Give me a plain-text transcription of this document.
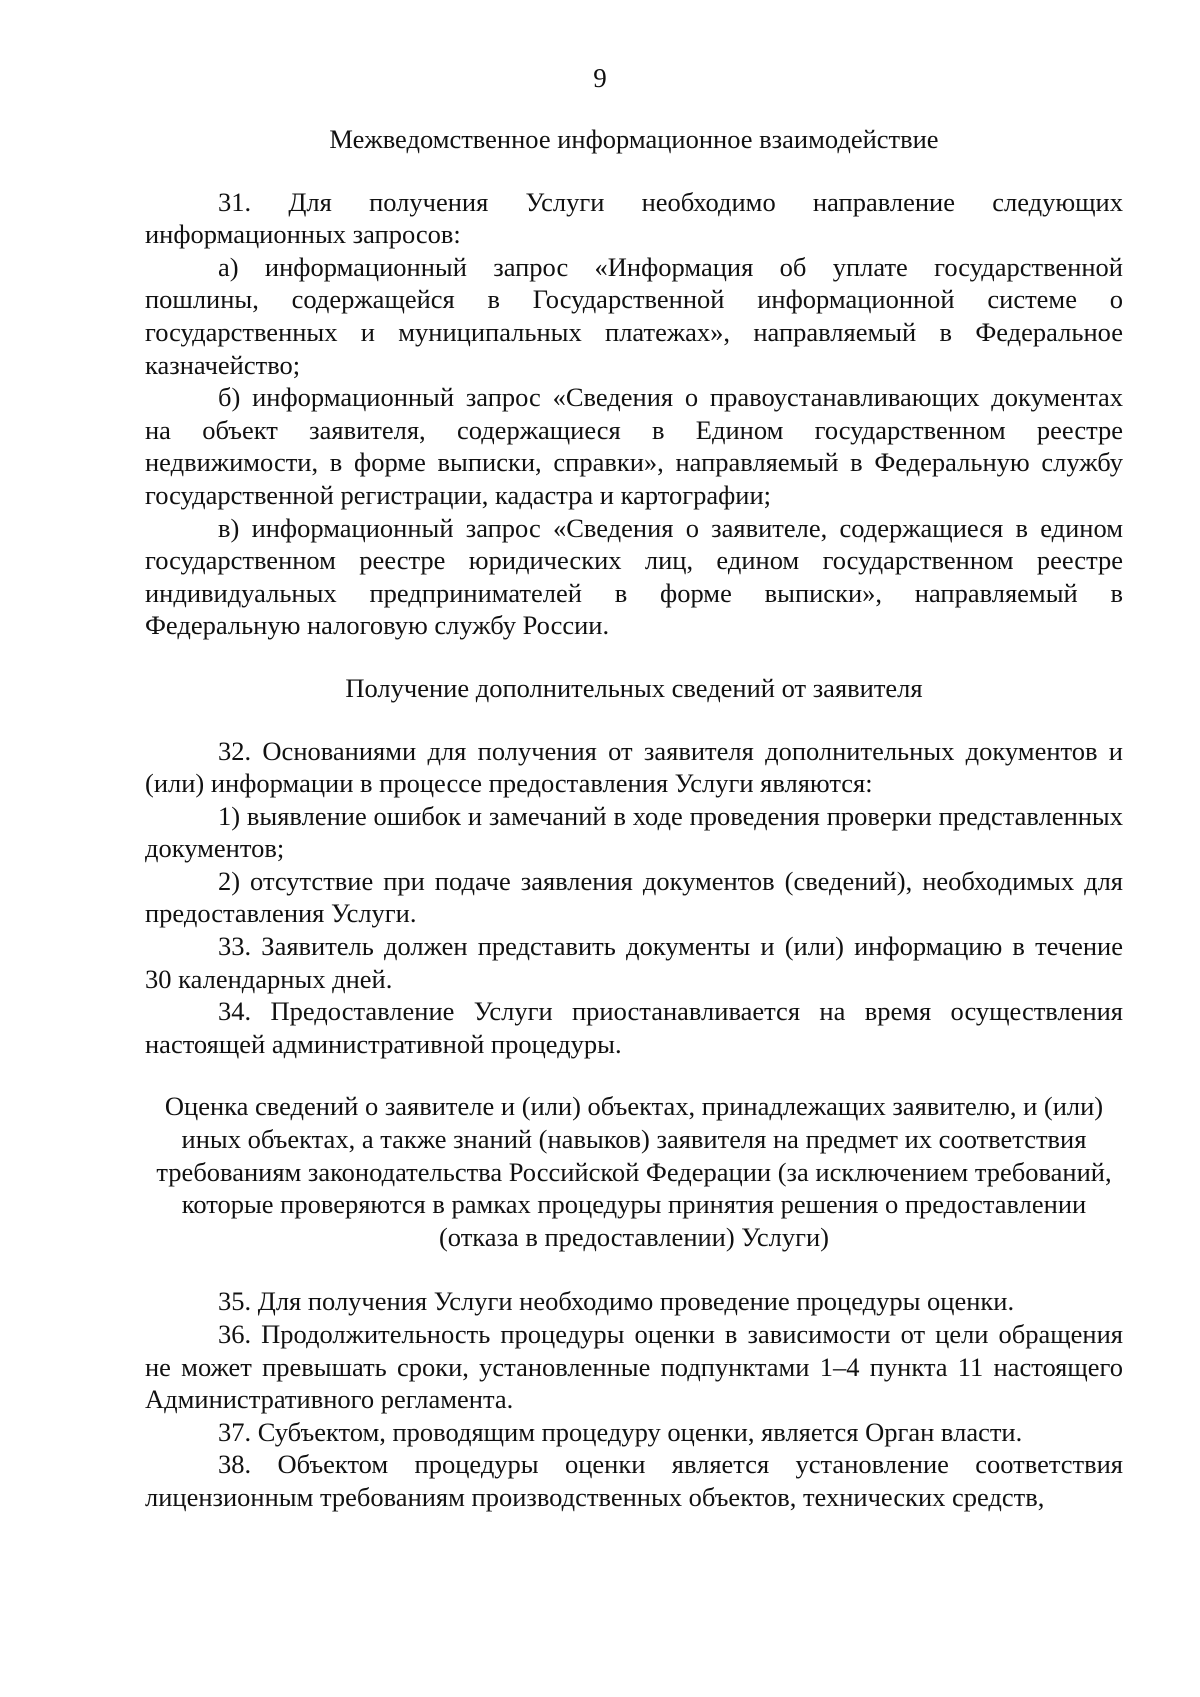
9

Межведомственное информационное взаимодействие

31. Для получения Услуги необходимо направление следующих информационных запросов:

а) информационный запрос «Информация об уплате государственной пошлины, содержащейся в Государственной информационной системе о государственных и муниципальных платежах», направляемый в Федеральное казначейство;

б) информационный запрос «Сведения о правоустанавливающих документах на объект заявителя, содержащиеся в Едином государственном реестре недвижимости, в форме выписки, справки», направляемый в Федеральную службу государственной регистрации, кадастра и картографии;

в) информационный запрос «Сведения о заявителе, содержащиеся в едином государственном реестре юридических лиц, едином государственном реестре индивидуальных предпринимателей в форме выписки», направляемый в Федеральную налоговую службу России.

Получение дополнительных сведений от заявителя

32. Основаниями для получения от заявителя дополнительных документов и (или) информации в процессе предоставления Услуги являются:

1) выявление ошибок и замечаний в ходе проведения проверки представленных документов;

2) отсутствие при подаче заявления документов (сведений), необходимых для предоставления Услуги.

33. Заявитель должен представить документы и (или) информацию в течение 30 календарных дней.

34. Предоставление Услуги приостанавливается на время осуществления настоящей административной процедуры.

Оценка сведений о заявителе и (или) объектах, принадлежащих заявителю, и (или) иных объектах, а также знаний (навыков) заявителя на предмет их соответствия требованиям законодательства Российской Федерации (за исключением требований, которые проверяются в рамках процедуры принятия решения о предоставлении (отказа в предоставлении) Услуги)

35. Для получения Услуги необходимо проведение процедуры оценки.

36. Продолжительность процедуры оценки в зависимости от цели обращения не может превышать сроки, установленные подпунктами 1–4 пункта 11 настоящего Административного регламента.

37. Субъектом, проводящим процедуру оценки, является Орган власти.

38. Объектом процедуры оценки является установление соответствия лицензионным требованиям производственных объектов, технических средств,
